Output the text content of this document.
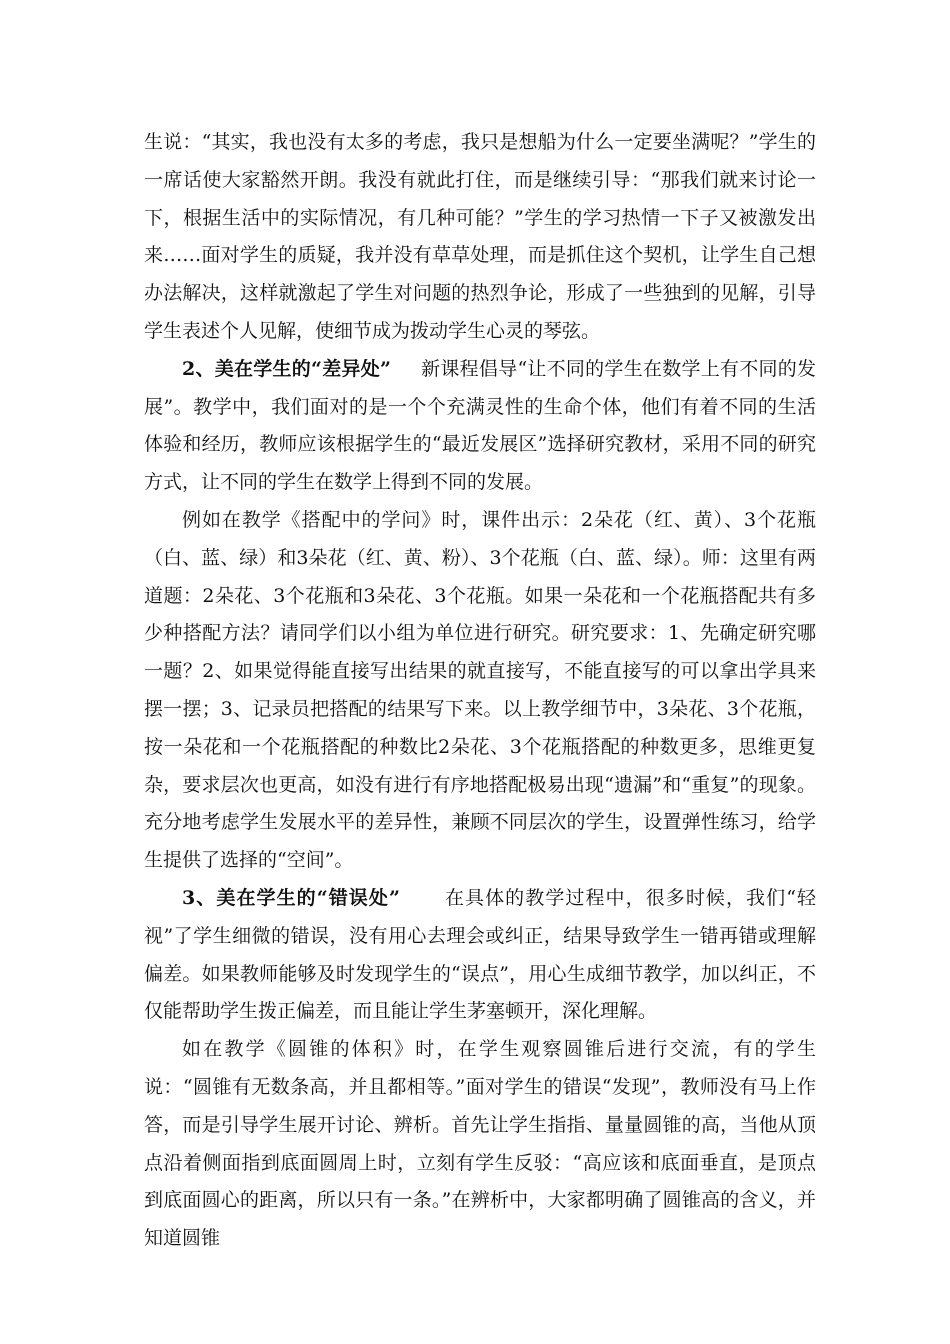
生说：“其实，我也没有太多的考虑，我只是想船为什么一定要坐满呢？”学生的一席话使大家豁然开朗。我没有就此打住，而是继续引导：“那我们就来讨论一下，根据生活中的实际情况，有几种可能？”学生的学习热情一下子又被激发出来……面对学生的质疑，我并没有草草处理，而是抓住这个契机，让学生自己想办法解决，这样就激起了学生对问题的热烈争论，形成了一些独到的见解，引导学生表述个人见解，使细节成为拨动学生心灵的琴弦。

2、美在学生的“差异处” 新课程倡导“让不同的学生在数学上有不同的发展”。教学中，我们面对的是一个个充满灵性的生命个体，他们有着不同的生活体验和经历，教师应该根据学生的“最近发展区”选择研究教材，采用不同的研究方式，让不同的学生在数学上得到不同的发展。

例如在教学《搭配中的学问》时，课件出示：2朵花（红、黄）、3个花瓶（白、蓝、绿）和3朵花（红、黄、粉）、3个花瓶（白、蓝、绿）。师：这里有两道题：2朵花、3个花瓶和3朵花、3个花瓶。如果一朵花和一个花瓶搭配共有多少种搭配方法？请同学们以小组为单位进行研究。研究要求：1、先确定研究哪一题？2、如果觉得能直接写出结果的就直接写，不能直接写的可以拿出学具来摆一摆；3、记录员把搭配的结果写下来。以上教学细节中，3朵花、3个花瓶，按一朵花和一个花瓶搭配的种数比2朵花、3个花瓶搭配的种数更多，思维更复杂，要求层次也更高，如没有进行有序地搭配极易出现“遗漏”和“重复”的现象。充分地考虑学生发展水平的差异性，兼顾不同层次的学生，设置弹性练习，给学生提供了选择的“空间”。

3、美在学生的“错误处” 在具体的教学过程中，很多时候，我们“轻视”了学生细微的错误，没有用心去理会或纠正，结果导致学生一错再错或理解偏差。如果教师能够及时发现学生的“误点”，用心生成细节教学，加以纠正，不仅能帮助学生拨正偏差，而且能让学生茅塞顿开，深化理解。

如在教学《圆锥的体积》时，在学生观察圆锥后进行交流，有的学生说：“圆锥有无数条高，并且都相等。”面对学生的错误“发现”，教师没有马上作答，而是引导学生展开讨论、辨析。首先让学生指指、量量圆锥的高，当他从顶点沿着侧面指到底面圆周上时，立刻有学生反驳：“高应该和底面垂直，是顶点到底面圆心的距离，所以只有一条。”在辨析中，大家都明确了圆锥高的含义，并知道圆锥
